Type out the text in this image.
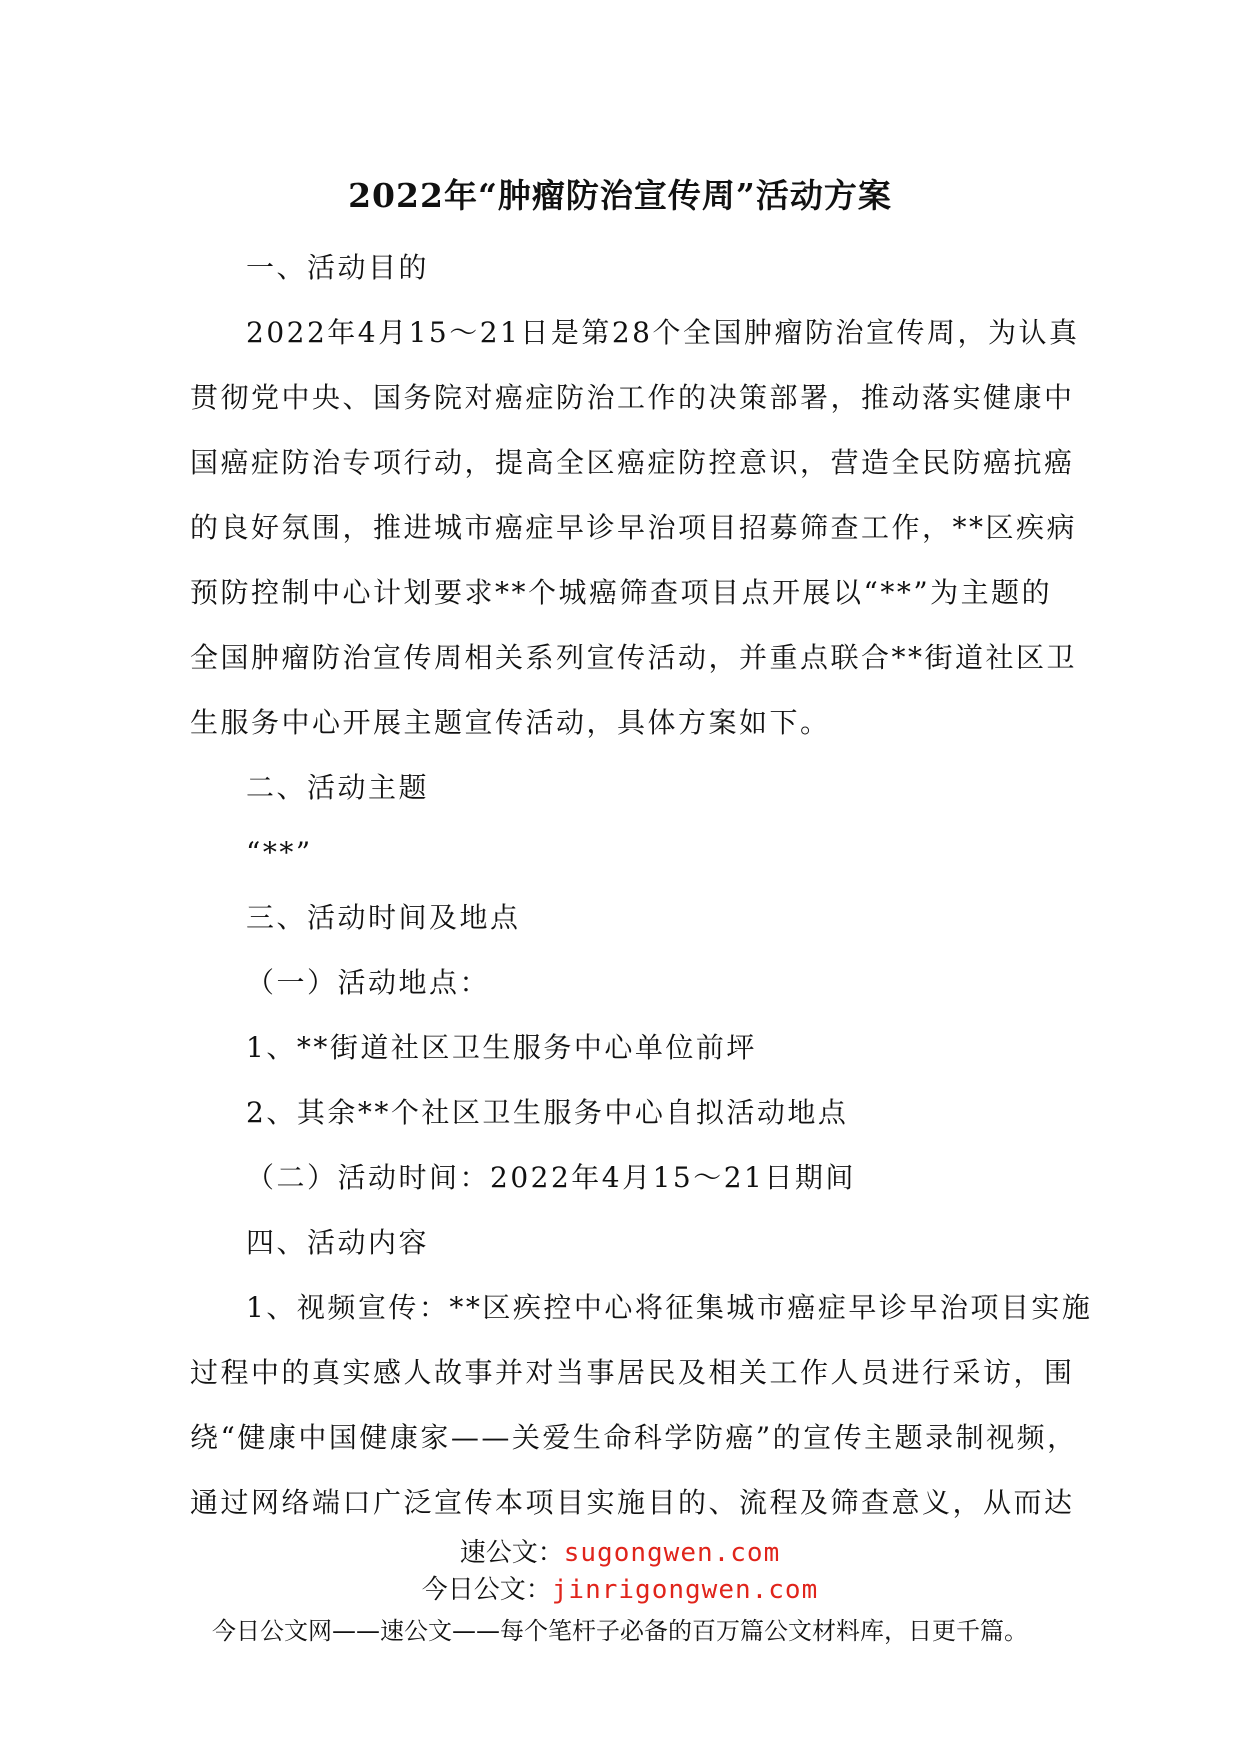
2022年“肿瘤防治宣传周”活动方案
一、活动目的
2022年4月15～21日是第28个全国肿瘤防治宣传周，为认真
贯彻党中央、国务院对癌症防治工作的决策部署，推动落实健康中
国癌症防治专项行动，提高全区癌症防控意识，营造全民防癌抗癌
的良好氛围，推进城市癌症早诊早治项目招募筛查工作，**区疾病
预防控制中心计划要求**个城癌筛查项目点开展以“**”为主题的
全国肿瘤防治宣传周相关系列宣传活动，并重点联合**街道社区卫
生服务中心开展主题宣传活动，具体方案如下。
二、活动主题
“**”
三、活动时间及地点
（一）活动地点：
1、**街道社区卫生服务中心单位前坪
2、其余**个社区卫生服务中心自拟活动地点
（二）活动时间：2022年4月15～21日期间
四、活动内容
1、视频宣传：**区疾控中心将征集城市癌症早诊早治项目实施
过程中的真实感人故事并对当事居民及相关工作人员进行采访，围
绕“健康中国健康家——关爱生命科学防癌”的宣传主题录制视频，
通过网络端口广泛宣传本项目实施目的、流程及筛查意义，从而达
速公文：sugongwen.com
今日公文：jinrigongwen.com
今日公文网——速公文——每个笔杆子必备的百万篇公文材料库，日更千篇。
